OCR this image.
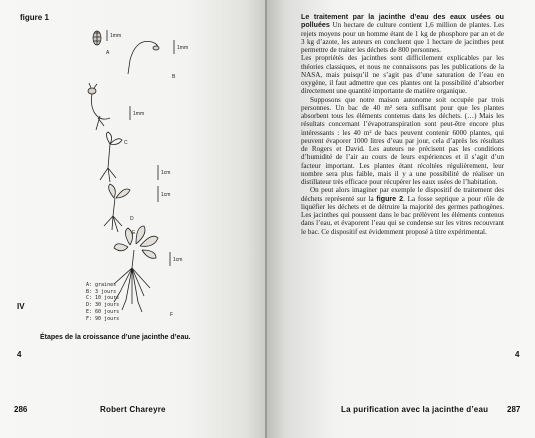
figure 1
A
1mm
B
1mm
C
1mm
D
1cm
E
1cm
F
1cm
A: graines
B: 3 jours
C: 10 jours
D: 30 jours
E: 60 jours
F: 90 jours
IV
4
Étapes de la croissance d’une jacinthe d’eau.
286	Robert Chareyre

Le traitement par la jacinthe d’eau des eaux usées ou polluées Un hectare de culture contient 1,6 million de plantes. Les rejets moyens pour un homme étant de 1 kg de phosphore par an et de 3 kg d’azote, les auteurs en concluent que 1 hectare de jacinthes peut permettre de traiter les déchets de 800 personnes.

Les propriétés des jacinthes sont difficilement explicables par les théories classiques, et nous ne connaissons pas les publications de la NASA, mais puisqu’il ne s’agit pas d’une saturation de l’eau en oxygène, il faut admettre que ces plantes ont la possibilité d’absorber directement une quantité importante de matière organique.

Supposons que notre maison autonome soit occupée par trois personnes. Un bac de 40 m² sera suffisant pour que les plantes absorbent tous les éléments contenus dans les déchets. (…) Mais les résultats concernant l’évapotranspiration sont peut-être encore plus intéressants : les 40 m² de bacs peuvent contenir 6000 plantes, qui peuvent évaporer 1000 litres d’eau par jour, cela d’après les résultats de Rogers et David. Les auteurs ne précisent pas les conditions d’humidité de l’air au cours de leurs expériences et il s’agit d’un facteur important. Les plantes étant récoltées régulièrement, leur nombre sera plus faible, mais il y a une possibilité de réaliser un distillateur très efficace pour récupérer les eaux usées de l’habitation.

On peut alors imaginer par exemple le dispositif de traitement des déchets représenté sur la figure 2. La fosse septique a pour rôle de liquéfier les déchets et de détruire la majorité des germes pathogènes. Les jacinthes qui poussent dans le bac prélèvent les éléments contenus dans l’eau, et évaporent l’eau qui se condense sur les vitres recouvrant le bac. Ce dispositif est évidemment proposé à titre expérimental.

4
La purification avec la jacinthe d’eau 287
